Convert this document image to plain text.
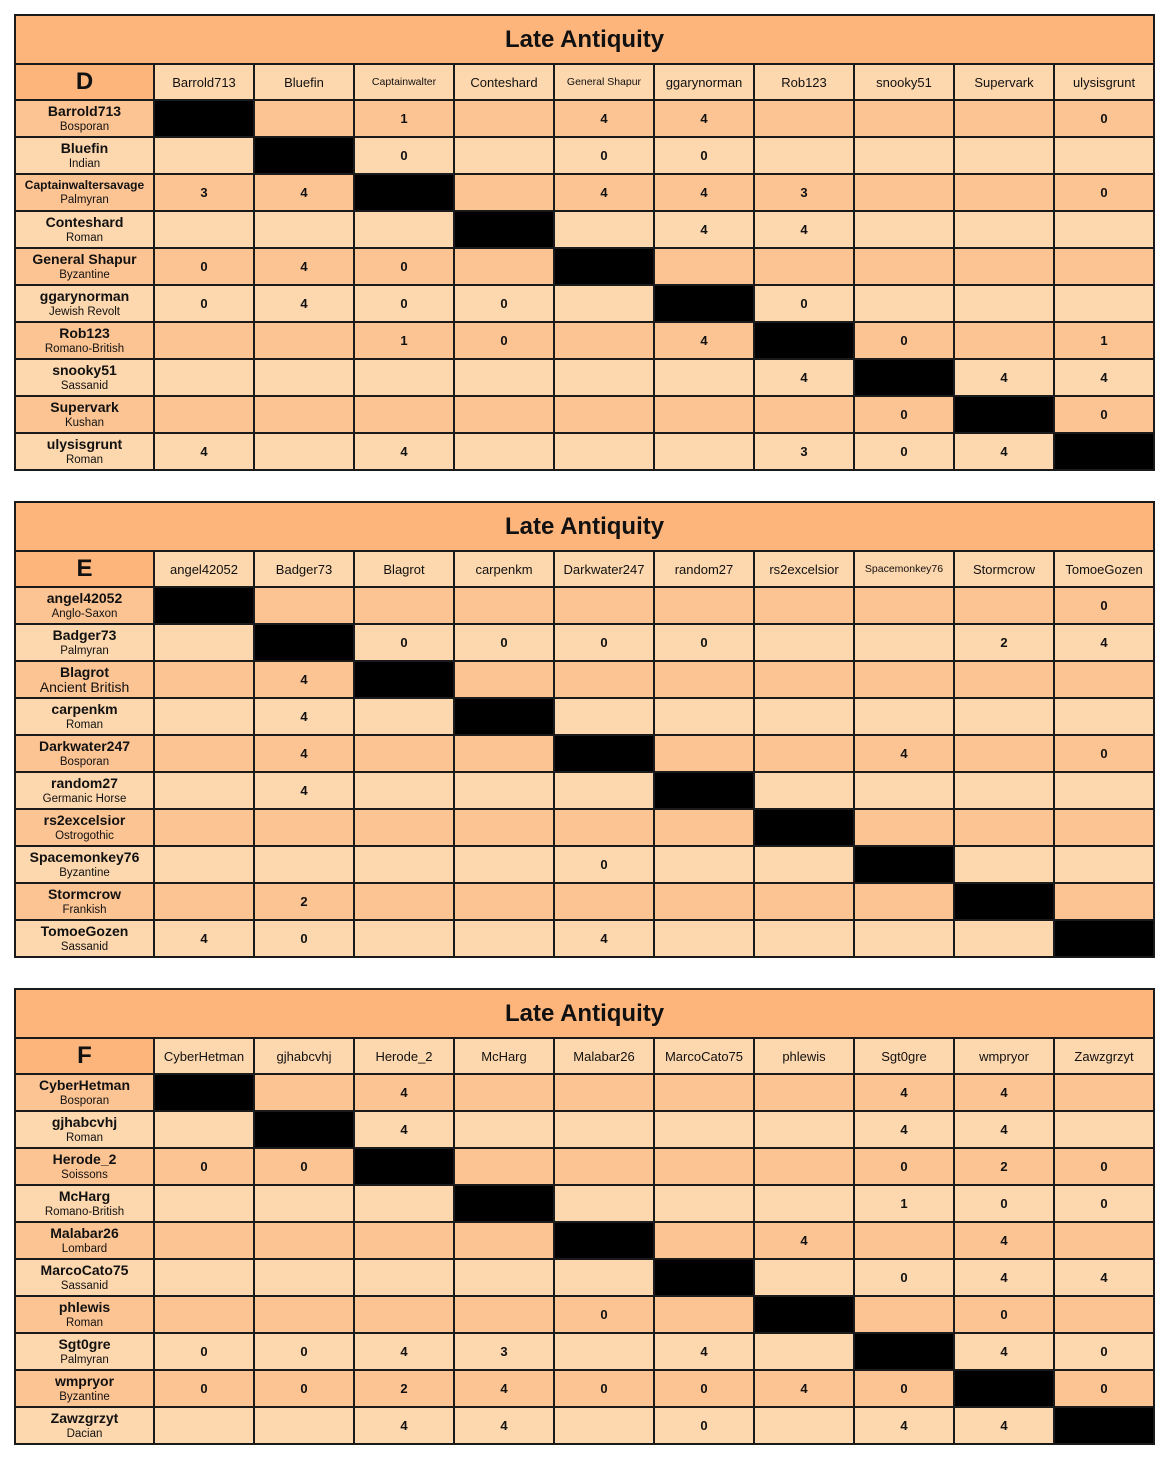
Late Antiquity										
D	Barrold713	Bluefin	Captainwalter	Conteshard	General Shapur	ggarynorman	Rob123	snooky51	Supervark	ulysisgrunt

Barrold713
Bosporan			1		4	4				0

Bluefin
Indian			0		0	0				

Captainwaltersavage
Palmyran	3	4			4	4	3			0

Conteshard
Roman						4	4			

General Shapur
Byzantine	0	4	0							

ggarynorman
Jewish Revolt	0	4	0	0			0			

Rob123
Romano-British			1	0		4		0		1

snooky51
Sassanid							4		4	4

Supervark
Kushan								0		0

ulysisgrunt
Roman	4		4				3	0	4	
Late Antiquity										
E	angel42052	Badger73	Blagrot	carpenkm	Darkwater247	random27	rs2excelsior	Spacemonkey76	Stormcrow	TomoeGozen

angel42052
Anglo-Saxon										0

Badger73
Palmyran			0	0	0	0			2	4

Blagrot
Ancient British		4								

carpenkm
Roman		4								

Darkwater247
Bosporan		4						4		0

random27
Germanic Horse		4								

rs2excelsior
Ostrogothic										

Spacemonkey76
Byzantine					0					

Stormcrow
Frankish		2								

TomoeGozen
Sassanid	4	0			4					
Late Antiquity										
F	CyberHetman	gjhabcvhj	Herode_2	McHarg	Malabar26	MarcoCato75	phlewis	Sgt0gre	wmpryor	Zawzgrzyt

CyberHetman
Bosporan			4					4	4	

gjhabcvhj
Roman			4					4	4	

Herode_2
Soissons	0	0						0	2	0

McHarg
Romano-British								1	0	0

Malabar26
Lombard							4		4	

MarcoCato75
Sassanid								0	4	4

phlewis
Roman					0				0	

Sgt0gre
Palmyran	0	0	4	3		4			4	0

wmpryor
Byzantine	0	0	2	4	0	0	4	0		0

Zawzgrzyt
Dacian			4	4		0		4	4	
